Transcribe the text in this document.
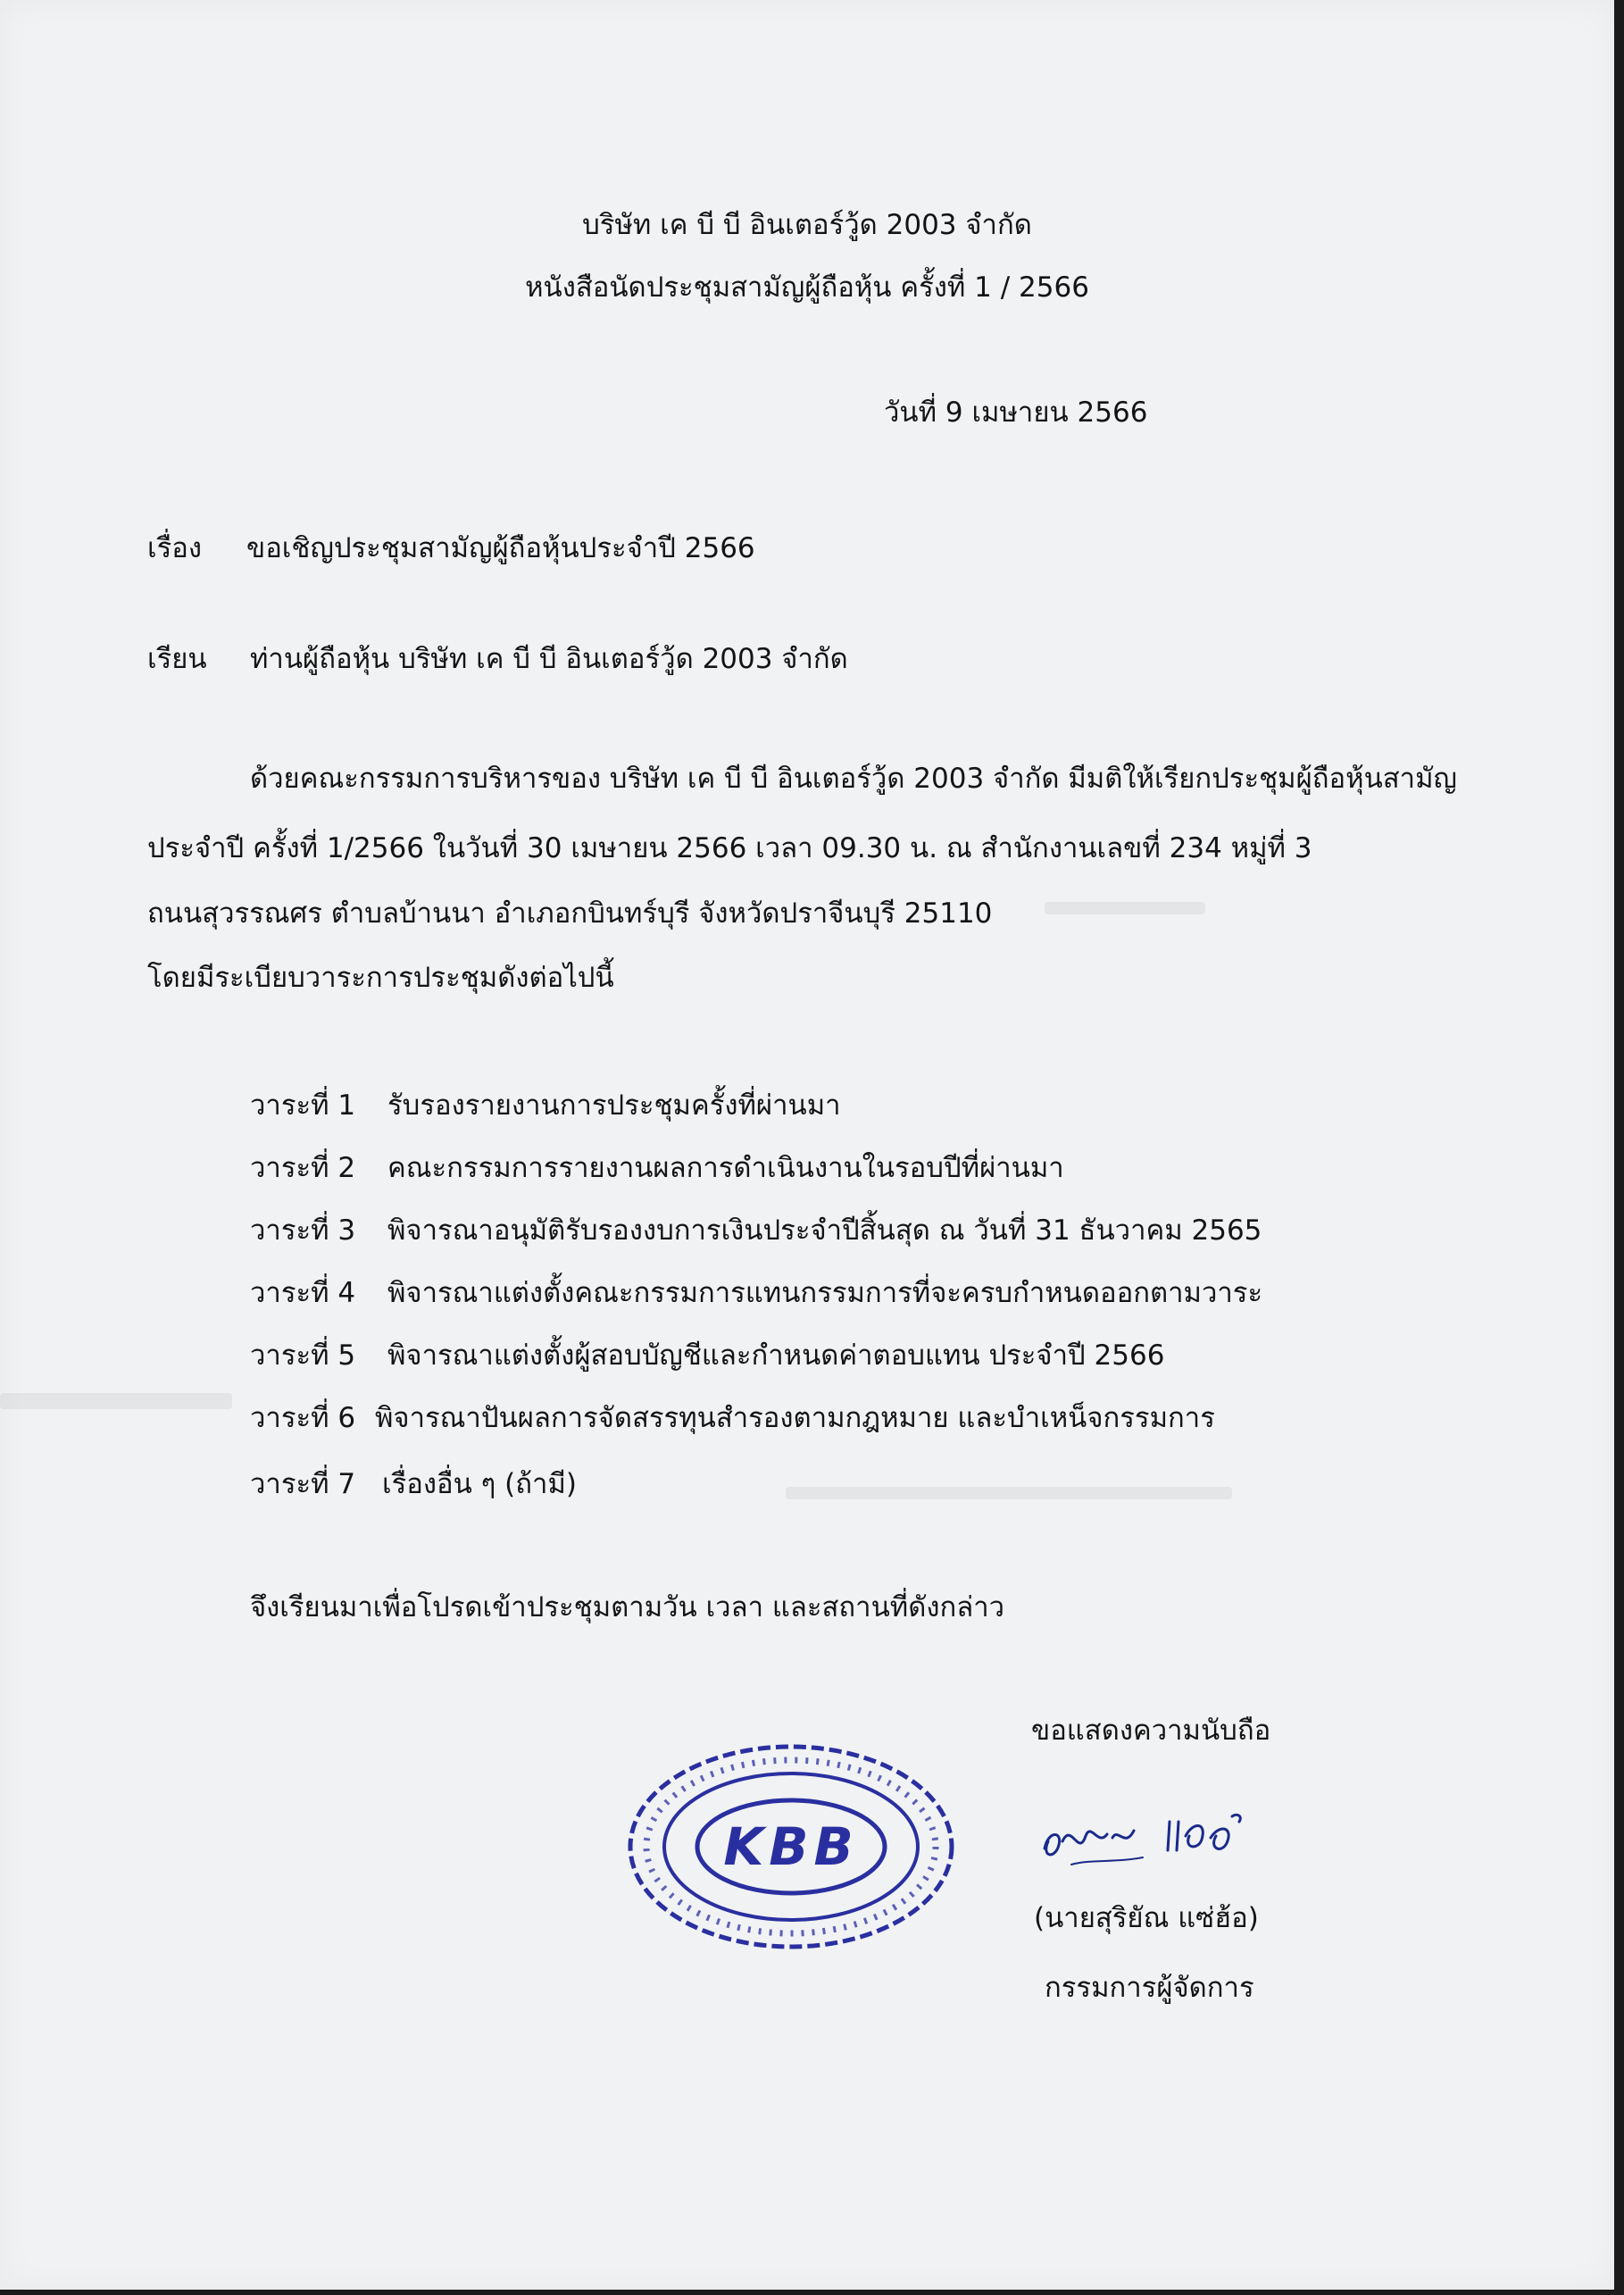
บริษัท เค บี บี อินเตอร์วู้ด 2003 จำกัด
หนังสือนัดประชุมสามัญผู้ถือหุ้น ครั้งที่ 1 / 2566
วันที่ 9 เมษายน 2566
เรื่อง ขอเชิญประชุมสามัญผู้ถือหุ้นประจำปี 2566
เรียน ท่านผู้ถือหุ้น บริษัท เค บี บี อินเตอร์วู้ด 2003 จำกัด
ด้วยคณะกรรมการบริหารของ บริษัท เค บี บี อินเตอร์วู้ด 2003 จำกัด มีมติให้เรียกประชุมผู้ถือหุ้นสามัญ
ประจำปี ครั้งที่ 1/2566 ในวันที่ 30 เมษายน 2566 เวลา 09.30 น. ณ สำนักงานเลขที่ 234 หมู่ที่ 3
ถนนสุวรรณศร ตำบลบ้านนา อำเภอกบินทร์บุรี จังหวัดปราจีนบุรี 25110
โดยมีระเบียบวาระการประชุมดังต่อไปนี้
วาระที่ 1 รับรองรายงานการประชุมครั้งที่ผ่านมา
วาระที่ 2 คณะกรรมการรายงานผลการดำเนินงานในรอบปีที่ผ่านมา
วาระที่ 3 พิจารณาอนุมัติรับรองงบการเงินประจำปีสิ้นสุด ณ วันที่ 31 ธันวาคม 2565
วาระที่ 4 พิจารณาแต่งตั้งคณะกรรมการแทนกรรมการที่จะครบกำหนดออกตามวาระ
วาระที่ 5 พิจารณาแต่งตั้งผู้สอบบัญชีและกำหนดค่าตอบแทน ประจำปี 2566
วาระที่ 6 พิจารณาปันผลการจัดสรรทุนสำรองตามกฎหมาย และบำเหน็จกรรมการ
วาระที่ 7 เรื่องอื่น ๆ (ถ้ามี)
จึงเรียนมาเพื่อโปรดเข้าประชุมตามวัน เวลา และสถานที่ดังกล่าว
ขอแสดงความนับถือ
KBB
(นายสุริยัณ แซ่ฮ้อ)
กรรมการผู้จัดการ
